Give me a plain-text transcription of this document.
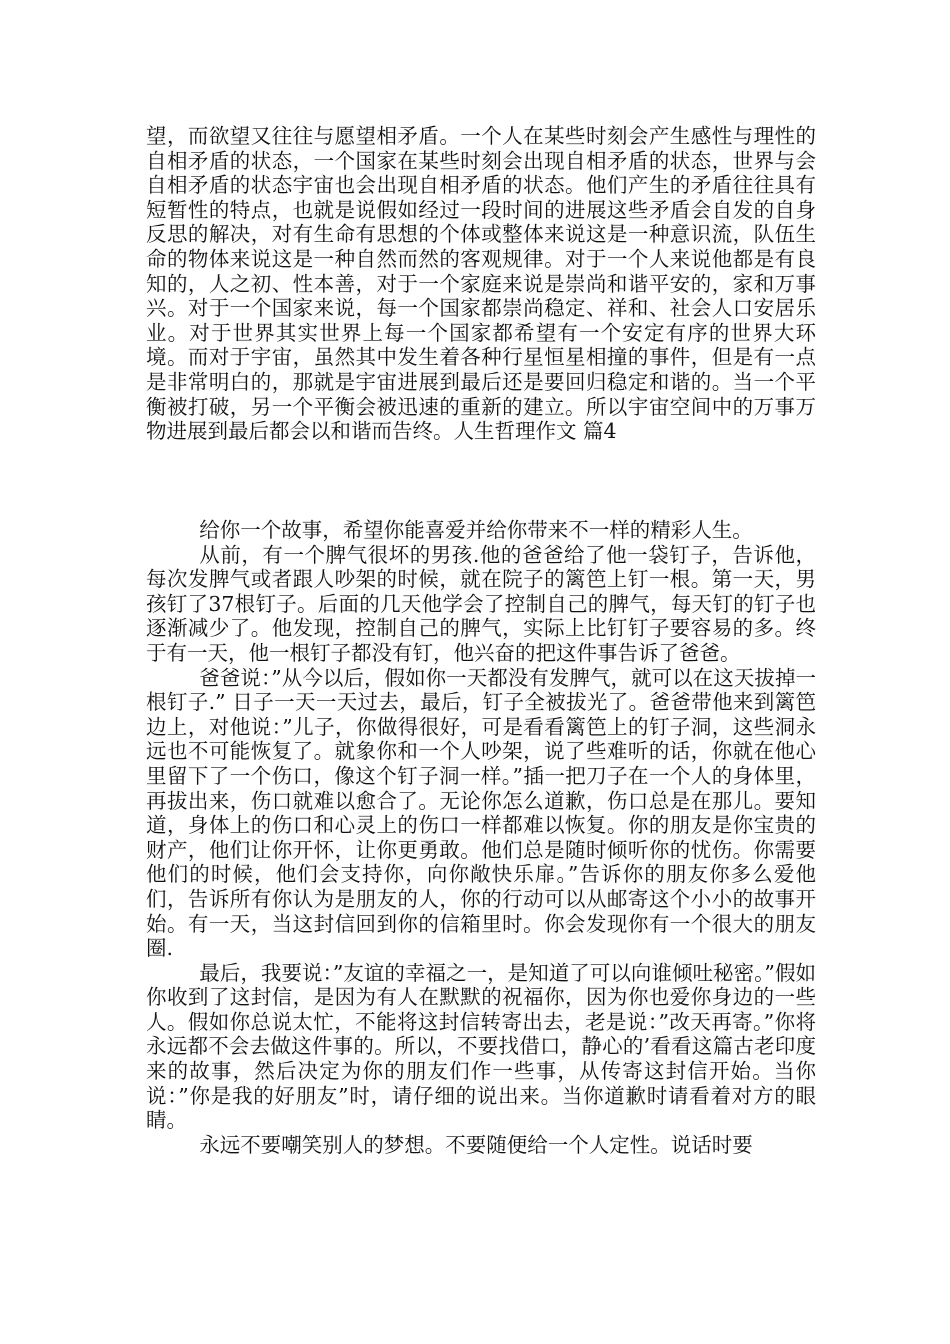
望，而欲望又往往与愿望相矛盾。一个人在某些时刻会产生感性与理性的自相矛盾的状态，一个国家在某些时刻会出现自相矛盾的状态，世界与会自相矛盾的状态宇宙也会出现自相矛盾的状态。他们产生的矛盾往往具有短暂性的特点，也就是说假如经过一段时间的进展这些矛盾会自发的自身反思的解决，对有生命有思想的个体或整体来说这是一种意识流，队伍生命的物体来说这是一种自然而然的客观规律。对于一个人来说他都是有良知的，人之初、性本善，对于一个家庭来说是崇尚和谐平安的，家和万事兴。对于一个国家来说，每一个国家都崇尚稳定、祥和、社会人口安居乐业。对于世界其实世界上每一个国家都希望有一个安定有序的世界大环境。而对于宇宙，虽然其中发生着各种行星恒星相撞的事件，但是有一点是非常明白的，那就是宇宙进展到最后还是要回归稳定和谐的。当一个平衡被打破，另一个平衡会被迅速的重新的建立。所以宇宙空间中的万事万物进展到最后都会以和谐而告终。人生哲理作文 篇4

给你一个故事，希望你能喜爱并给你带来不一样的精彩人生。

从前，有一个脾气很坏的男孩.他的爸爸给了他一袋钉子，告诉他，每次发脾气或者跟人吵架的时候，就在院子的篱笆上钉一根。第一天，男孩钉了37根钉子。后面的几天他学会了控制自己的脾气，每天钉的钉子也逐渐减少了。他发现，控制自己的脾气，实际上比钉钉子要容易的多。终于有一天，他一根钉子都没有钉，他兴奋的把这件事告诉了爸爸。

爸爸说：”从今以后，假如你一天都没有发脾气，就可以在这天拔掉一根钉子.” 日子一天一天过去，最后，钉子全被拔光了。爸爸带他来到篱笆边上，对他说：”儿子，你做得很好，可是看看篱笆上的钉子洞，这些洞永远也不可能恢复了。就象你和一个人吵架，说了些难听的话，你就在他心里留下了一个伤口，像这个钉子洞一样。”插一把刀子在一个人的身体里，再拔出来，伤口就难以愈合了。无论你怎么道歉，伤口总是在那儿。要知道，身体上的伤口和心灵上的伤口一样都难以恢复。你的朋友是你宝贵的财产，他们让你开怀，让你更勇敢。他们总是随时倾听你的忧伤。你需要他们的时候，他们会支持你，向你敞快乐扉。”告诉你的朋友你多么爱他们，告诉所有你认为是朋友的人，你的行动可以从邮寄这个小小的故事开始。有一天，当这封信回到你的信箱里时。你会发现你有一个很大的朋友圈.

最后，我要说：”友谊的幸福之一，是知道了可以向谁倾吐秘密。”假如你收到了这封信，是因为有人在默默的祝福你，因为你也爱你身边的一些人。假如你总说太忙，不能将这封信转寄出去，老是说：”改天再寄。”你将永远都不会去做这件事的。所以，不要找借口，静心的’看看这篇古老印度来的故事，然后决定为你的朋友们作一些事，从传寄这封信开始。当你说：”你是我的好朋友”时，请仔细的说出来。当你道歉时请看着对方的眼睛。

永远不要嘲笑别人的梦想。不要随便给一个人定性。说话时要
